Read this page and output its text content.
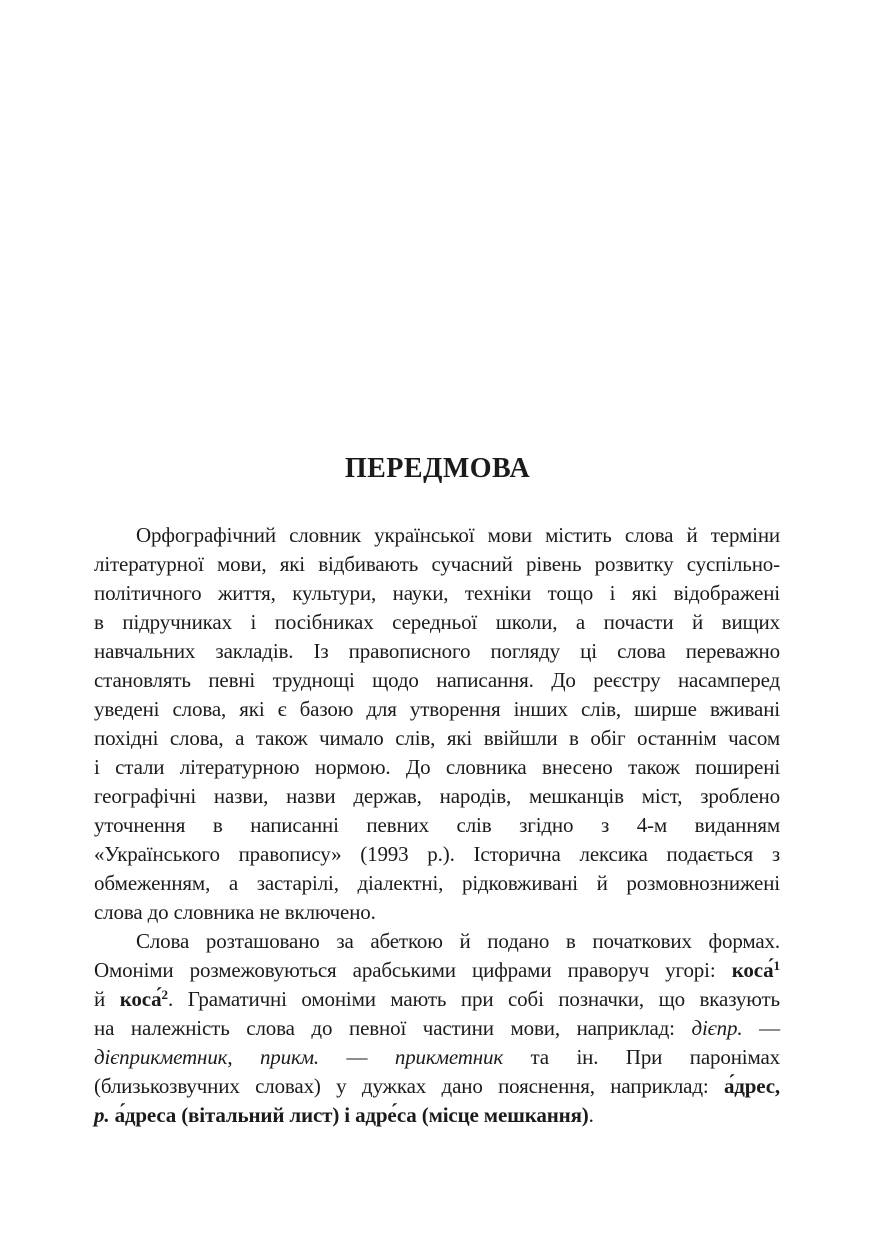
ПЕРЕДМОВА
Орфографічний словник української мови містить слова й терміни
літературної мови, які відбивають сучасний рівень розвитку суспільно-
політичного життя, культури, науки, техніки тощо і які відображені
в підручниках і посібниках середньої школи, а почасти й вищих
навчальних закладів. Із правописного погляду ці слова переважно
становлять певні труднощі щодо написання. До реєстру насамперед
уведені слова, які є базою для утворення інших слів, ширше вживані
похідні слова, а також чимало слів, які ввійшли в обіг останнім часом
і стали літературною нормою. До словника внесено також поширені
географічні назви, назви держав, народів, мешканців міст, зроблено
уточнення в написанні певних слів згідно з 4-м виданням
«Українського правопису» (1993 р.). Історична лексика подається з
обмеженням, а застарілі, діалектні, рідковживані й розмовнознижені
слова до словника не включено.
Слова розташовано за абеткою й подано в початкових формах.
Омоніми розмежовуються арабськими цифрами праворуч угорі: коса́$^1$
й коса́$^2$. Граматичні омоніми мають при собі позначки, що вказують
на належність слова до певної частини мови, наприклад: дієпр. —
дієприкметник, прикм. — прикметник та ін. При паронімах
(близькозвучних словах) у дужках дано пояснення, наприклад: а́дрес,
р. а́дреса (вітальний лист) і адре́са (місце мешкання).
